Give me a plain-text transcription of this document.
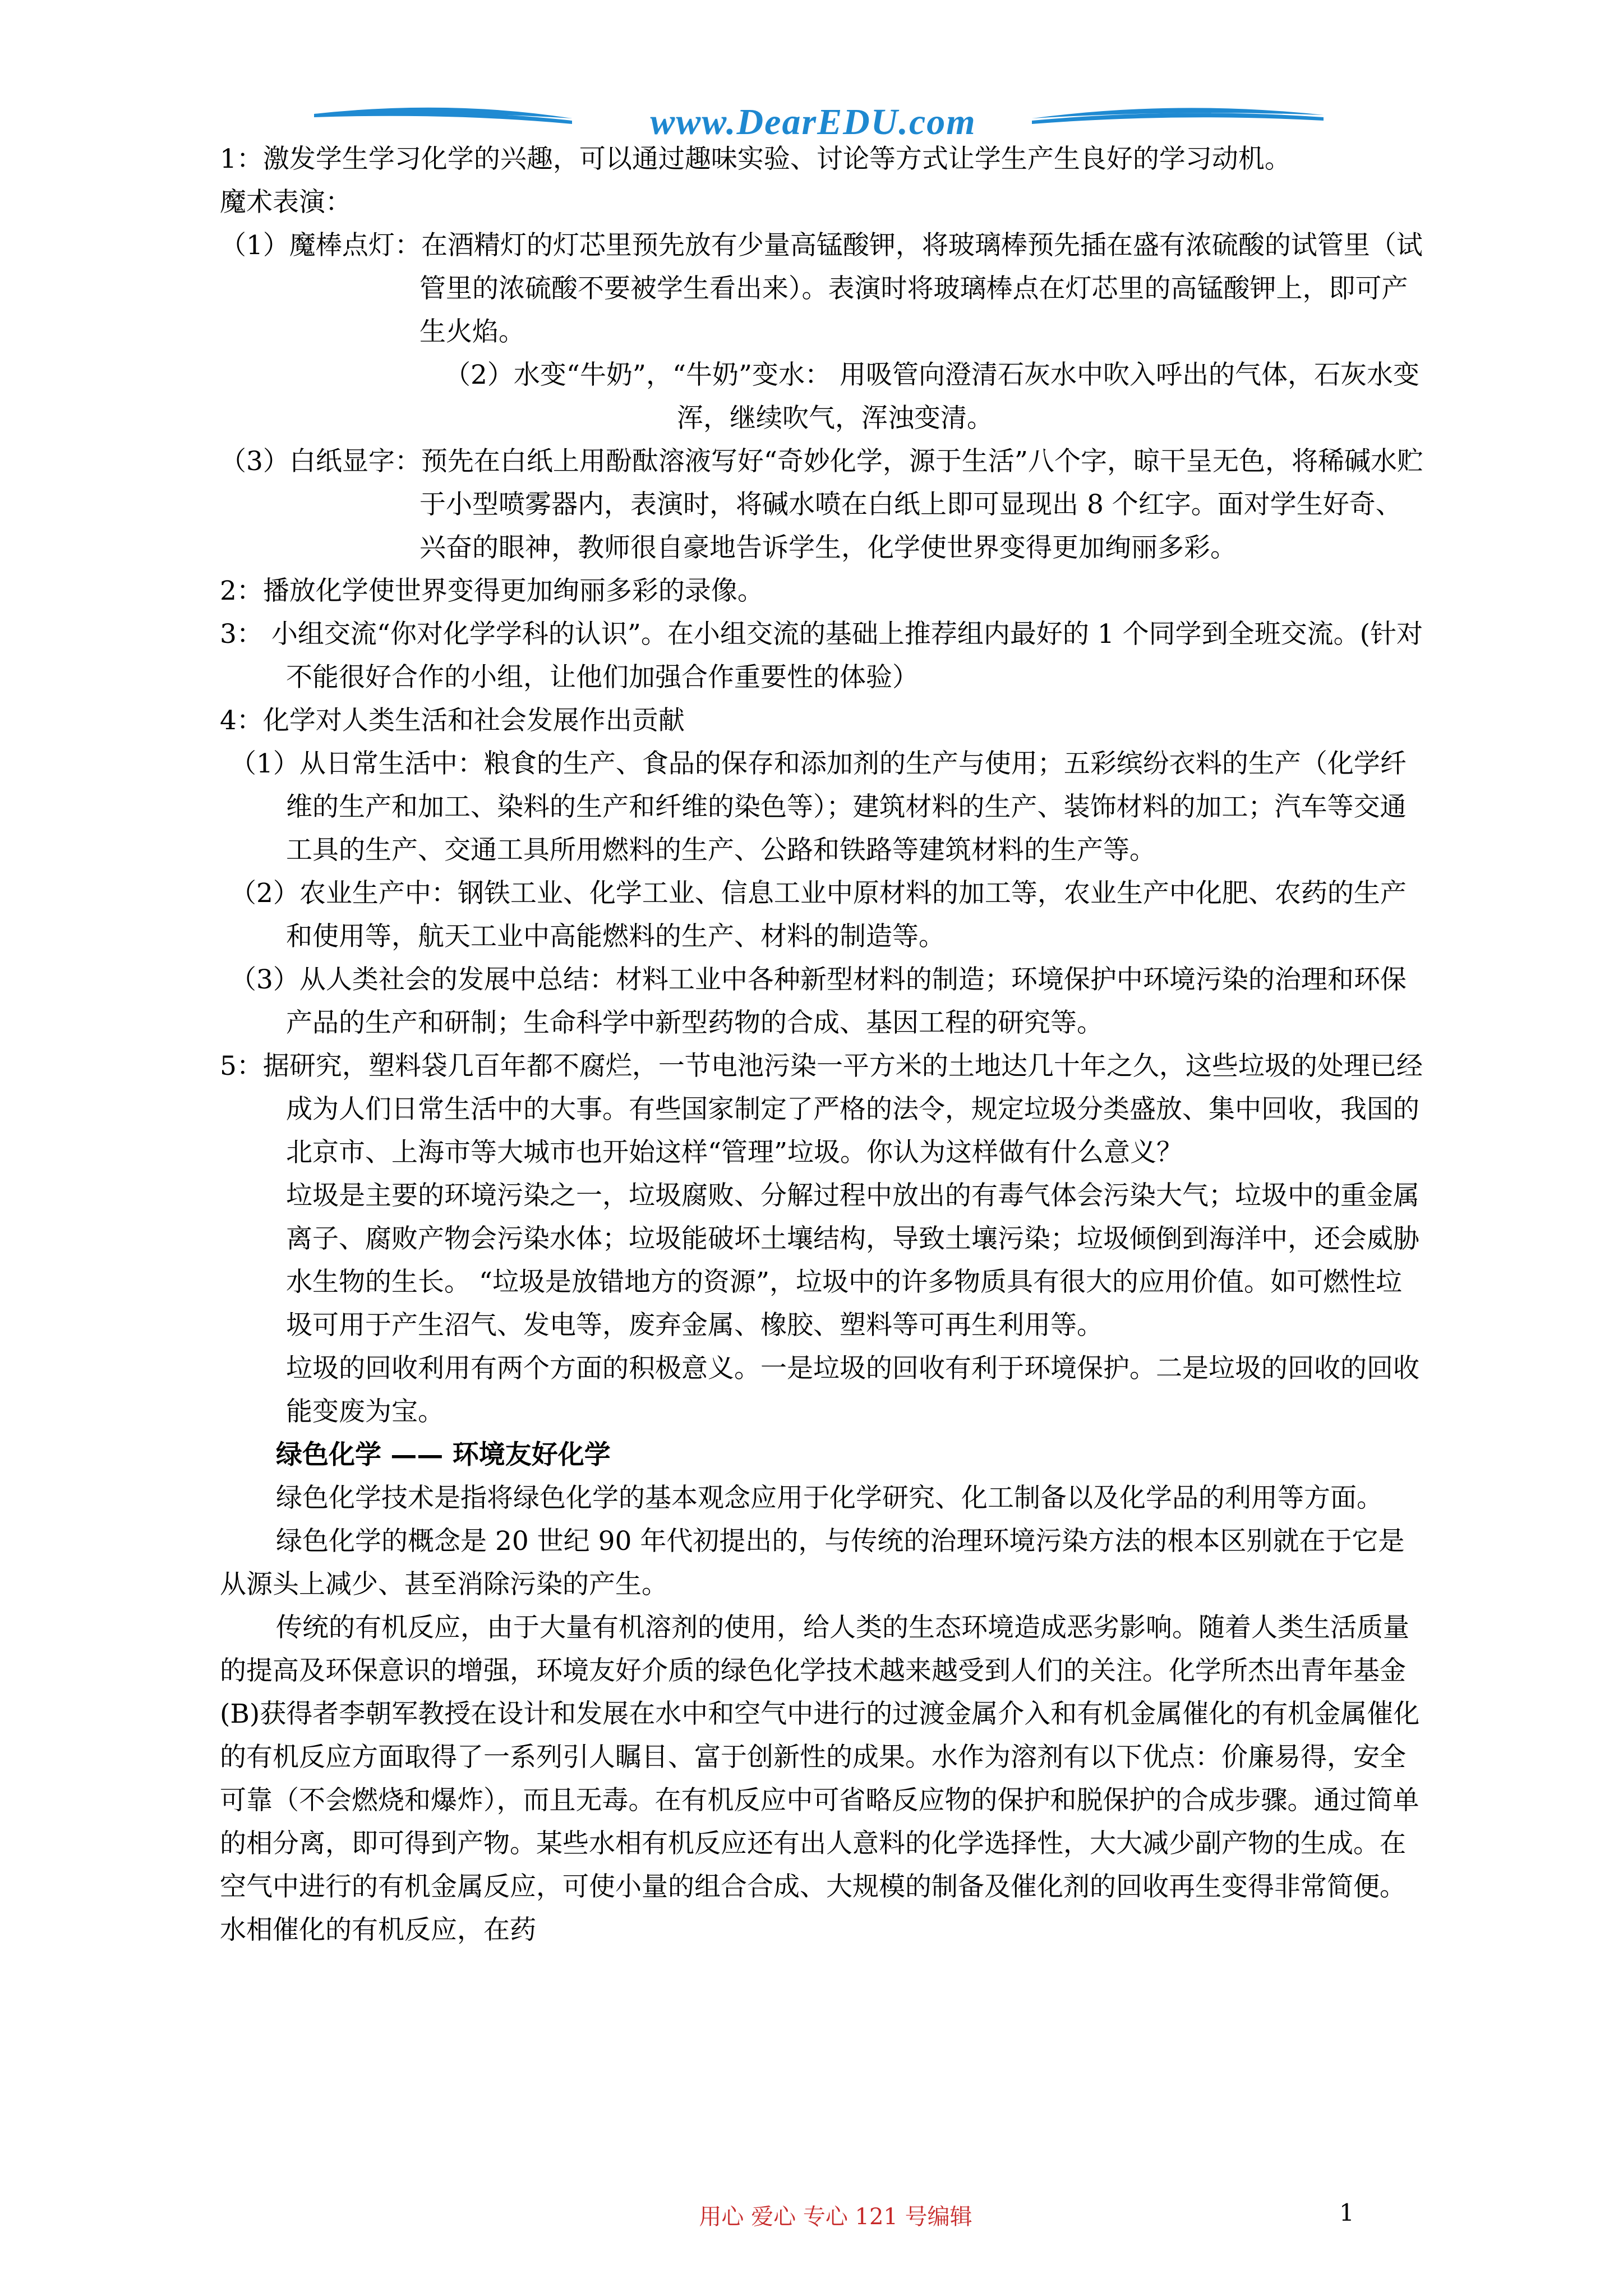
www.DearEDU.com

1：激发学生学习化学的兴趣，可以通过趣味实验、讨论等方式让学生产生良好的学习动机。

魔术表演：

（1）魔棒点灯：在酒精灯的灯芯里预先放有少量高锰酸钾，将玻璃棒预先插在盛有浓硫酸的试管里（试管里的浓硫酸不要被学生看出来）。表演时将玻璃棒点在灯芯里的高锰酸钾上，即可产生火焰。

（2）水变“牛奶”，“牛奶”变水： 用吸管向澄清石灰水中吹入呼出的气体，石灰水变浑，继续吹气，浑浊变清。

（3）白纸显字：预先在白纸上用酚酞溶液写好“奇妙化学，源于生活”八个字，晾干呈无色，将稀碱水贮于小型喷雾器内，表演时，将碱水喷在白纸上即可显现出 8 个红字。面对学生好奇、兴奋的眼神，教师很自豪地告诉学生，化学使世界变得更加绚丽多彩。

2：播放化学使世界变得更加绚丽多彩的录像。

3： 小组交流“你对化学学科的认识”。在小组交流的基础上推荐组内最好的 1 个同学到全班交流。(针对不能很好合作的小组，让他们加强合作重要性的体验）

4：化学对人类生活和社会发展作出贡献

（1）从日常生活中：粮食的生产、食品的保存和添加剂的生产与使用；五彩缤纷衣料的生产（化学纤维的生产和加工、染料的生产和纤维的染色等）；建筑材料的生产、装饰材料的加工；汽车等交通工具的生产、交通工具所用燃料的生产、公路和铁路等建筑材料的生产等。

（2）农业生产中：钢铁工业、化学工业、信息工业中原材料的加工等，农业生产中化肥、农药的生产和使用等，航天工业中高能燃料的生产、材料的制造等。

（3）从人类社会的发展中总结：材料工业中各种新型材料的制造；环境保护中环境污染的治理和环保产品的生产和研制；生命科学中新型药物的合成、基因工程的研究等。

5：据研究，塑料袋几百年都不腐烂，一节电池污染一平方米的土地达几十年之久，这些垃圾的处理已经成为人们日常生活中的大事。有些国家制定了严格的法令，规定垃圾分类盛放、集中回收，我国的北京市、上海市等大城市也开始这样“管理”垃圾。你认为这样做有什么意义？

垃圾是主要的环境污染之一，垃圾腐败、分解过程中放出的有毒气体会污染大气；垃圾中的重金属离子、腐败产物会污染水体；垃圾能破坏土壤结构，导致土壤污染；垃圾倾倒到海洋中，还会威胁水生物的生长。 “垃圾是放错地方的资源”，垃圾中的许多物质具有很大的应用价值。如可燃性垃圾可用于产生沼气、发电等，废弃金属、橡胶、塑料等可再生利用等。

垃圾的回收利用有两个方面的积极意义。一是垃圾的回收有利于环境保护。二是垃圾的回收的回收能变废为宝。

绿色化学 —— 环境友好化学

绿色化学技术是指将绿色化学的基本观念应用于化学研究、化工制备以及化学品的利用等方面。

绿色化学的概念是 20 世纪 90 年代初提出的，与传统的治理环境污染方法的根本区别就在于它是从源头上减少、甚至消除污染的产生。

传统的有机反应，由于大量有机溶剂的使用，给人类的生态环境造成恶劣影响。随着人类生活质量的提高及环保意识的增强，环境友好介质的绿色化学技术越来越受到人们的关注。化学所杰出青年基金(B)获得者李朝军教授在设计和发展在水中和空气中进行的过渡金属介入和有机金属催化的有机金属催化的有机反应方面取得了一系列引人瞩目、富于创新性的成果。水作为溶剂有以下优点：价廉易得，安全可靠（不会燃烧和爆炸），而且无毒。在有机反应中可省略反应物的保护和脱保护的合成步骤。通过简单的相分离，即可得到产物。某些水相有机反应还有出人意料的化学选择性，大大减少副产物的生成。在空气中进行的有机金属反应，可使小量的组合合成、大规模的制备及催化剂的回收再生变得非常简便。水相催化的有机反应，在药

用心 爱心 专心 121 号编辑	1
